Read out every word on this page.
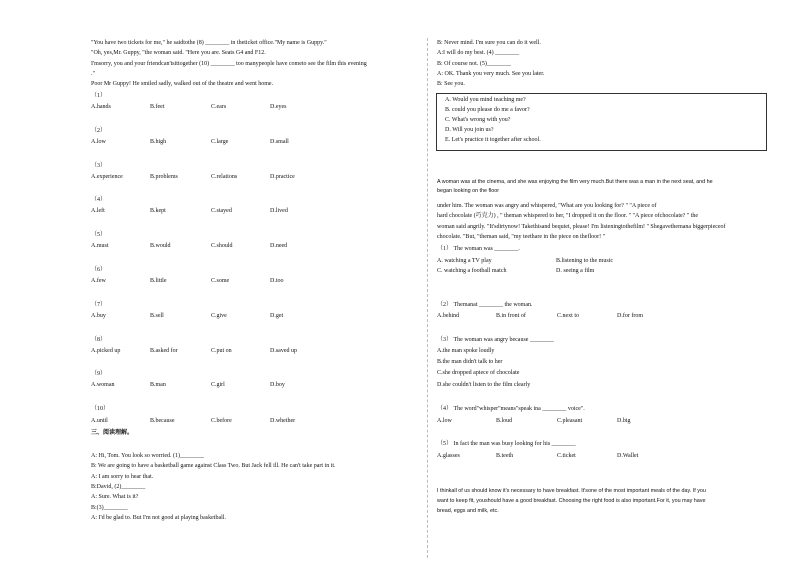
"You have two tickets for me," he saidtothe (8) ________ in theticket office."My name is Guppy."
"Oh, yes,Mr. Guppy, "the woman said. "Here you are. Seats G4 and F12.
I'msorry, you and your friendcan'tsittogether (10) ________ too manypeople have cometo see the film this evening
."
Poor Mr Guppy! He smiled sadly, walked out of the theatre and went home.
（1）
A.hands	B.feet	C.ears	D.eyes
（2）
A.low	B.high	C.large	D.small
（3）
A.experience	B.problems	C.relations	D.practice
（4）
A.left	B.kept	C.stayed	D.lived
（5）
A.must	B.would	C.should	D.need
（6）
A.few	B.little	C.some	D.too
（7）
A.buy	B.sell	C.give	D.get
（8）
A.picked up	B.asked for	C.put on	D.saved up
（9）
A.woman	B.man	C.girl	D.boy
（10）
A.until	B.because	C.before	D.whether
三、阅读理解。
A: Hi, Tom. You look so worried. (1)________
B: We are going to have a basketball game against Class Two. But Jack fell ill. He can't take part in it.
A: I am sorry to hear that.
B:David, (2)________
A: Sure. What is it?
B:(3)________
A: I'd be glad to. But I'm not good at playing basketball.
B: Never mind. I'm sure you can do it well.
A:I will do my best. (4) ________
B: Of course not. (5)________
A: OK. Thank you very much. See you later.
B: See you.
A. Would you mind teaching me?
B. could you please do me a favor?
C. What's wrong with you?
D. Will you join us?
E. Let's practice it together after school.
A woman was at the cinema, and she was enjoying the film very much.But there was a man in the next seat, and he
began looking on the floor
under him. The woman was angry and whispered, "What are you looking for? " "A piece of
hard chocolate (巧克力) , " theman whispered to her, "I dropped it on the floor. " "A piece ofchocolate? " the
woman said angrily. "It'sdirtynow! Takethisand bequiet, please! I'm listeningtothefilm! " Shegavethemana biggerpieceof
chocolate. "But, "theman said, "my teethare in the piece on thefloor! "
（1） The woman was ________.
A. watching a TV play	B.listening to the music
C. watching a football match	D. seeing a film
（2） Themanat ________ the woman.
A.behind	B.in front of	C.next to	D.for from
（3） The woman was angry because ________
A.the man spoke loudly
B.the man didn't talk to her
C.she dropped apiece of chocolate
D.she couldn't listen to the film clearly
（4） The word"whisper"means"speak ina ________ voice".
A.low	B.loud	C.pleasant	D.big
（5） In fact the man was busy looking for his ________
A.glasses	B.teeth	C.ticket	D.Wallet
I thinkall of us should know it's necessary to have breakfast. It'sone of the most important meals of the day. If you
want to keep fit, youshould have a good breakfast. Choosing the right food is also important.For it, you may have
bread, eggs and milk, etc.
